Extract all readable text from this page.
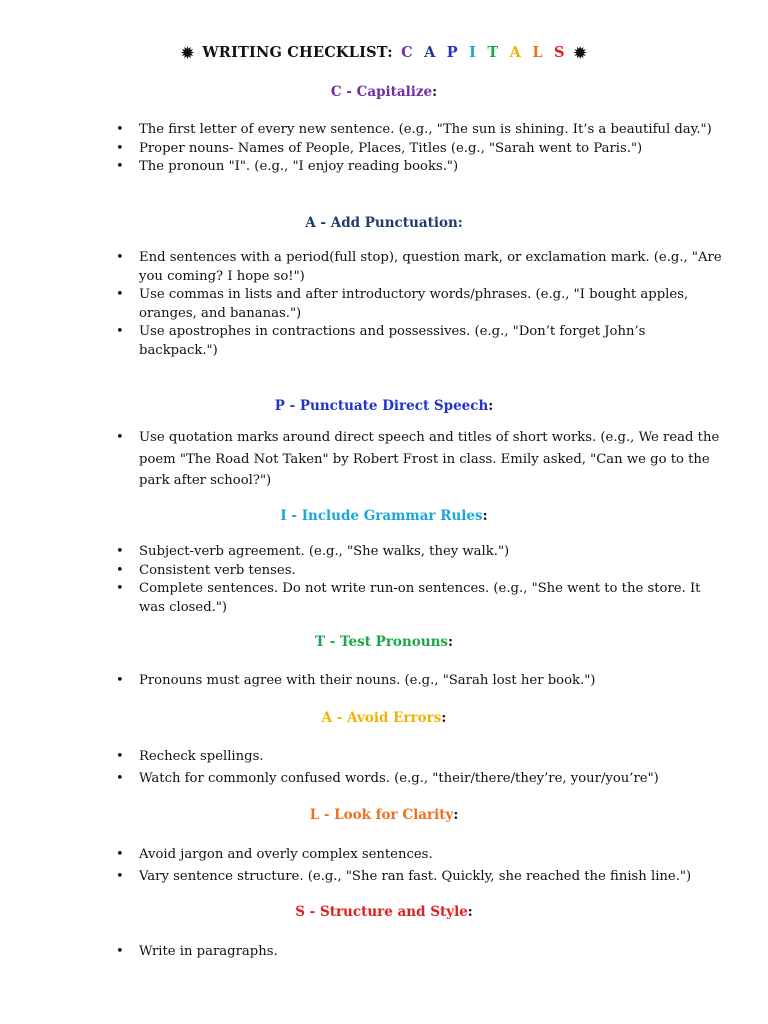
✹ WRITING CHECKLIST: C A P I T A L S ✹
C - Capitalize:
• The first letter of every new sentence. (e.g., "The sun is shining. It’s a beautiful day.")
• Proper nouns- Names of People, Places, Titles (e.g., "Sarah went to Paris.")
• The pronoun "I". (e.g., "I enjoy reading books.")
A - Add Punctuation:
• End sentences with a period(full stop), question mark, or exclamation mark. (e.g., "Are you coming? I hope so!")
• Use commas in lists and after introductory words/phrases. (e.g., "I bought apples, oranges, and bananas.")
• Use apostrophes in contractions and possessives. (e.g., "Don’t forget John’s backpack.")
P - Punctuate Direct Speech:
• Use quotation marks around direct speech and titles of short works. (e.g., We read the poem "The Road Not Taken" by Robert Frost in class. Emily asked, "Can we go to the park after school?")
I - Include Grammar Rules:
• Subject-verb agreement. (e.g., "She walks, they walk.")
• Consistent verb tenses.
• Complete sentences. Do not write run-on sentences. (e.g., "She went to the store. It was closed.")
T - Test Pronouns:
• Pronouns must agree with their nouns. (e.g., "Sarah lost her book.")
A - Avoid Errors:
• Recheck spellings.
• Watch for commonly confused words. (e.g., "their/there/they’re, your/you’re")
L - Look for Clarity:
• Avoid jargon and overly complex sentences.
• Vary sentence structure. (e.g., "She ran fast. Quickly, she reached the finish line.")
S - Structure and Style:
• Write in paragraphs.
